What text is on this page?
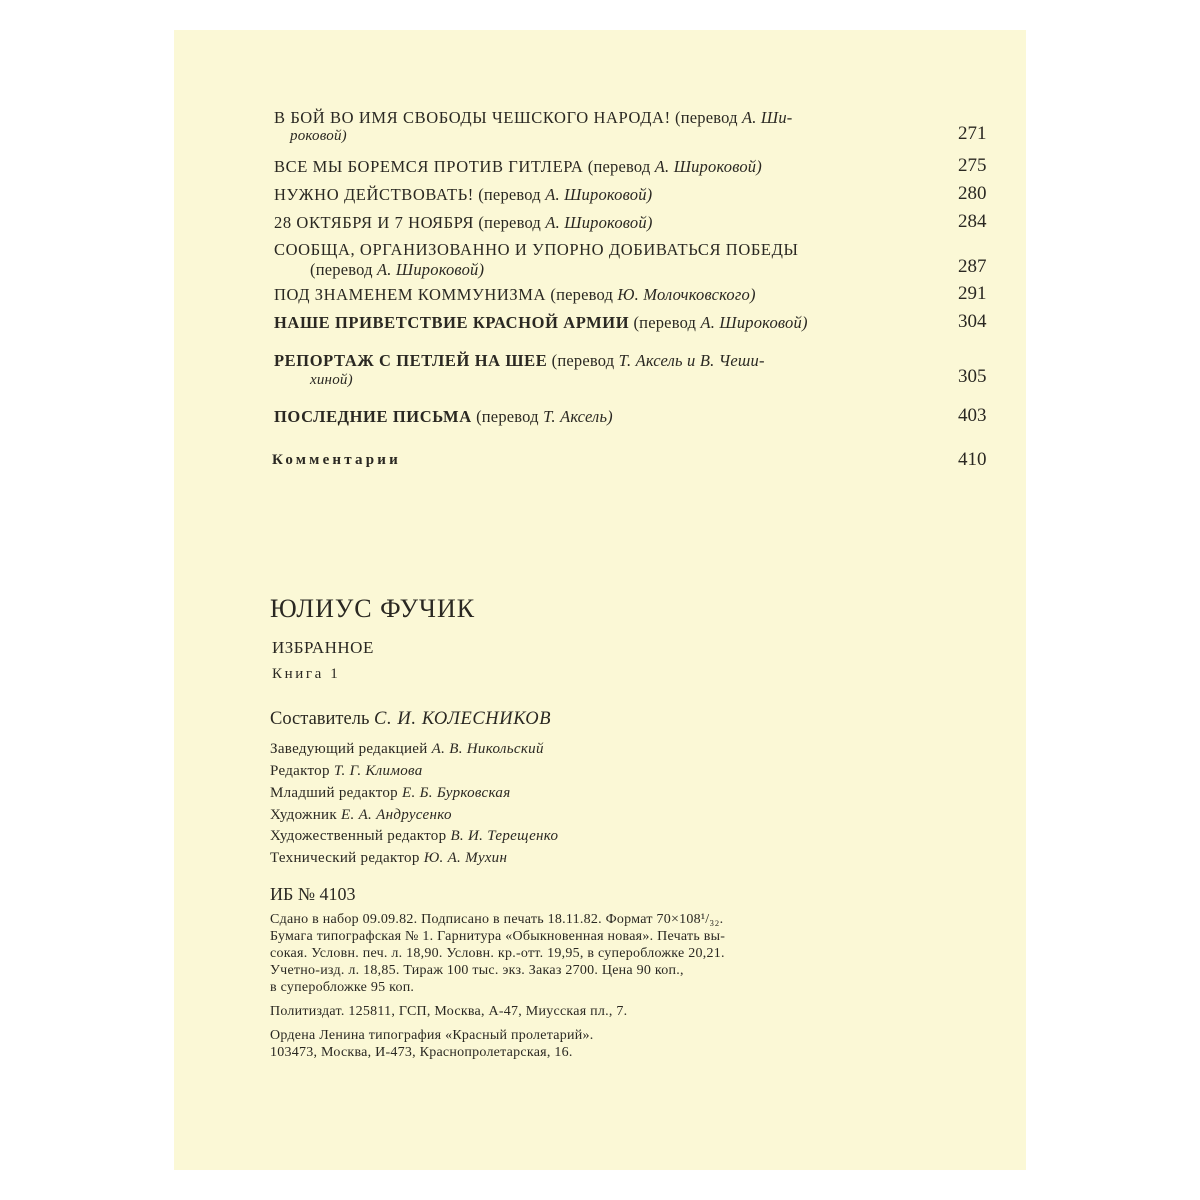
В БОЙ ВО ИМЯ СВОБОДЫ ЧЕШСКОГО НАРОДА! (перевод А. Ши-
роковой)	271
ВСЕ МЫ БОРЕМСЯ ПРОТИВ ГИТЛЕРА (перевод А. Широковой)	275
НУЖНО ДЕЙСТВОВАТЬ! (перевод А. Широковой)	280
28 ОКТЯБРЯ И 7 НОЯБРЯ (перевод А. Широковой)	284
СООБЩА, ОРГАНИЗОВАННО И УПОРНО ДОБИВАТЬСЯ ПОБЕДЫ
(перевод А. Широковой)	287
ПОД ЗНАМЕНЕМ КОММУНИЗМА (перевод Ю. Молочковского)	291
НАШЕ ПРИВЕТСТВИЕ КРАСНОЙ АРМИИ (перевод А. Широковой)	304
РЕПОРТАЖ С ПЕТЛЕЙ НА ШЕЕ (перевод Т. Аксель и В. Чеши-
хиной)	305
ПОСЛЕДНИЕ ПИСЬМА (перевод Т. Аксель)	403
Комментарии	410
ЮЛИУС ФУЧИК
ИЗБРАННОЕ
Книга 1
Составитель С. И. КОЛЕСНИКОВ
Заведующий редакцией А. В. Никольский
Редактор Т. Г. Климова
Младший редактор Е. Б. Бурковская
Художник Е. А. Андрусенко
Художественный редактор В. И. Терещенко
Технический редактор Ю. А. Мухин
ИБ № 4103
Сдано в набор 09.09.82. Подписано в печать 18.11.82. Формат 70×108¹/₃₂.
Бумага типографская № 1. Гарнитура «Обыкновенная новая». Печать вы-
сокая. Условн. печ. л. 18,90. Условн. кр.-отт. 19,95, в суперобложке 20,21.
Учетно-изд. л. 18,85. Тираж 100 тыс. экз. Заказ 2700. Цена 90 коп.,
в суперобложке 95 коп.
Политиздат. 125811, ГСП, Москва, А-47, Миусская пл., 7.
Ордена Ленина типография «Красный пролетарий».
103473, Москва, И-473, Краснопролетарская, 16.
